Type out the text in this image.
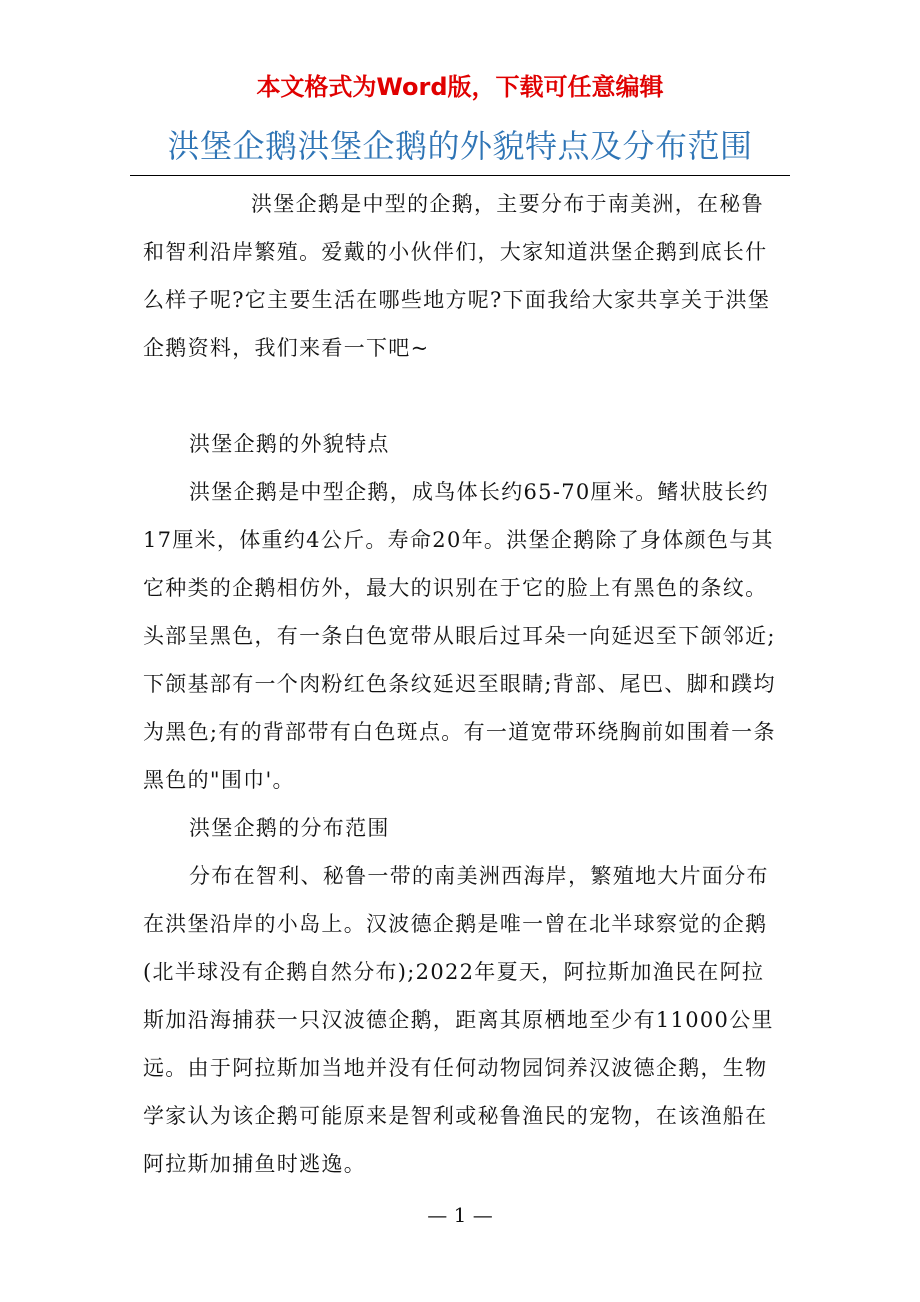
本文格式为Word版，下载可任意编辑
洪堡企鹅洪堡企鹅的外貌特点及分布范围

洪堡企鹅是中型的企鹅，主要分布于南美洲，在秘鲁和智利沿岸繁殖。爱戴的小伙伴们，大家知道洪堡企鹅到底长什么样子呢?它主要生活在哪些地方呢?下面我给大家共享关于洪堡企鹅资料，我们来看一下吧~

洪堡企鹅的外貌特点

洪堡企鹅是中型企鹅，成鸟体长约65-70厘米。鳍状肢长约17厘米，体重约4公斤。寿命20年。洪堡企鹅除了身体颜色与其它种类的企鹅相仿外，最大的识别在于它的脸上有黑色的条纹。头部呈黑色，有一条白色宽带从眼后过耳朵一向延迟至下颌邻近;下颌基部有一个肉粉红色条纹延迟至眼睛;背部、尾巴、脚和蹼均为黑色;有的背部带有白色斑点。有一道宽带环绕胸前如围着一条黑色的"围巾'。

洪堡企鹅的分布范围

分布在智利、秘鲁一带的南美洲西海岸，繁殖地大片面分布在洪堡沿岸的小岛上。汉波德企鹅是唯一曾在北半球察觉的企鹅 (北半球没有企鹅自然分布);2022年夏天，阿拉斯加渔民在阿拉斯加沿海捕获一只汉波德企鹅，距离其原栖地至少有11000公里远。由于阿拉斯加当地并没有任何动物园饲养汉波德企鹅，生物学家认为该企鹅可能原来是智利或秘鲁渔民的宠物，在该渔船在阿拉斯加捕鱼时逃逸。

— 1 —
